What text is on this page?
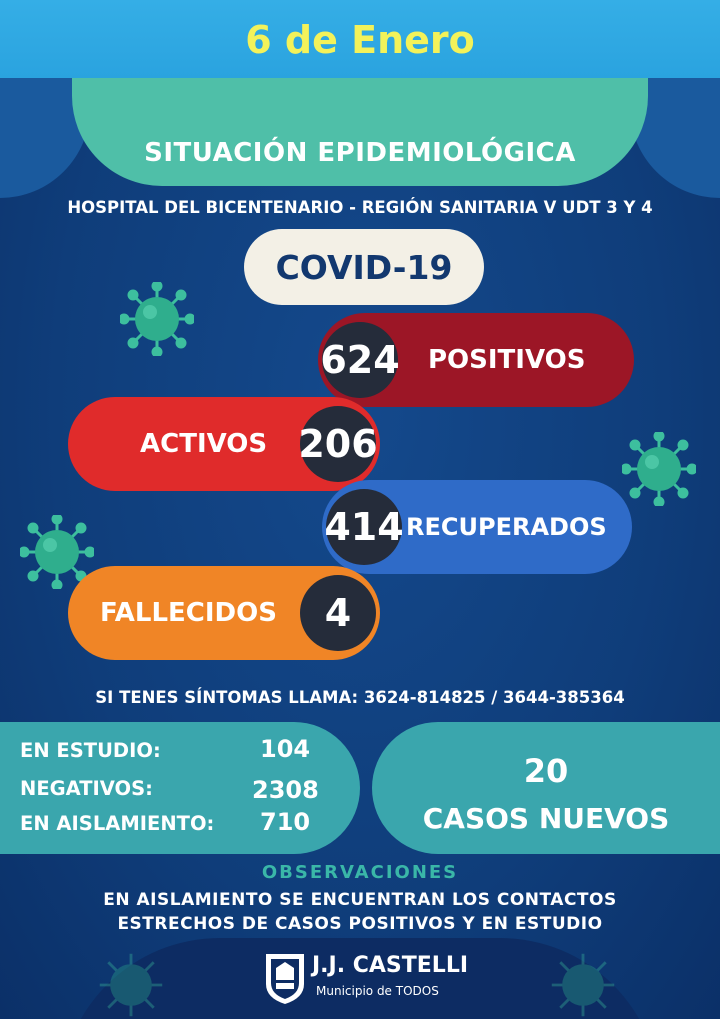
6 de Enero
SITUACIÓN EPIDEMIOLÓGICA
HOSPITAL DEL BICENTENARIO - REGIÓN SANITARIA V UDT 3 Y 4
COVID-19
624 POSITIVOS
ACTIVOS 206
414 RECUPERADOS
FALLECIDOS	4
SI TENES SÍNTOMAS LLAMA: 3624-814825 / 3644-385364
EN ESTUDIO:	104
NEGATIVOS:	2308
EN AISLAMIENTO: 710
20
CASOS NUEVOS
OBSERVACIONES
EN AISLAMIENTO SE ENCUENTRAN LOS CONTACTOS
ESTRECHOS DE CASOS POSITIVOS Y EN ESTUDIO
J.J. CASTELLI
Municipio de TODOS
